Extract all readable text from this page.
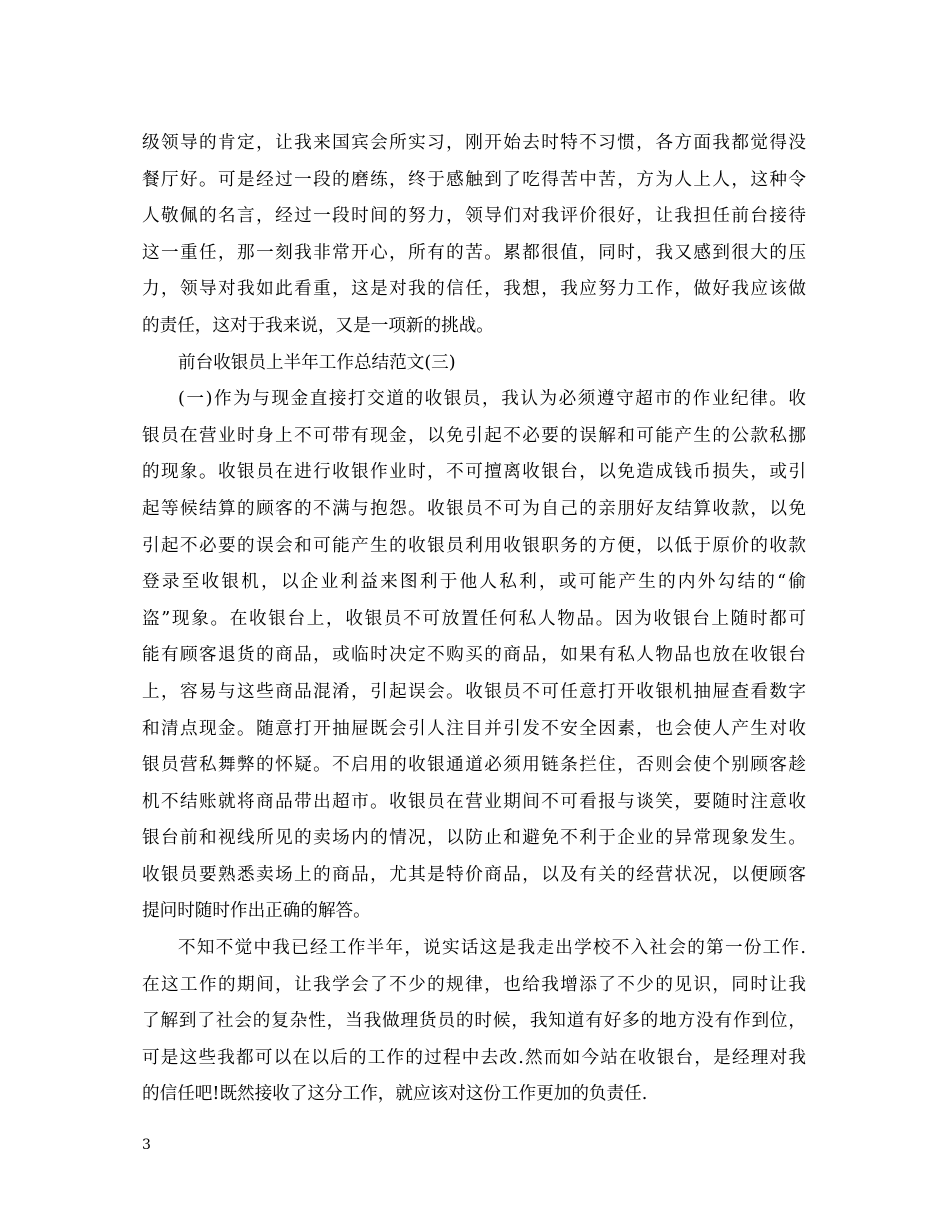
级领导的肯定，让我来国宾会所实习，刚开始去时特不习惯，各方面我都觉得没
餐厅好。可是经过一段的磨练，终于感触到了吃得苦中苦，方为人上人，这种令
人敬佩的名言，经过一段时间的努力，领导们对我评价很好，让我担任前台接待
这一重任，那一刻我非常开心，所有的苦。累都很值，同时，我又感到很大的压
力，领导对我如此看重，这是对我的信任，我想，我应努力工作，做好我应该做
的责任，这对于我来说，又是一项新的挑战。
前台收银员上半年工作总结范文(三)
(一)作为与现金直接打交道的收银员，我认为必须遵守超市的作业纪律。收
银员在营业时身上不可带有现金，以免引起不必要的误解和可能产生的公款私挪
的现象。收银员在进行收银作业时，不可擅离收银台，以免造成钱币损失，或引
起等候结算的顾客的不满与抱怨。收银员不可为自己的亲朋好友结算收款，以免
引起不必要的误会和可能产生的收银员利用收银职务的方便，以低于原价的收款
登录至收银机，以企业利益来图利于他人私利，或可能产生的内外勾结的“偷
盗”现象。在收银台上，收银员不可放置任何私人物品。因为收银台上随时都可
能有顾客退货的商品，或临时决定不购买的商品，如果有私人物品也放在收银台
上，容易与这些商品混淆，引起误会。收银员不可任意打开收银机抽屉查看数字
和清点现金。随意打开抽屉既会引人注目并引发不安全因素，也会使人产生对收
银员营私舞弊的怀疑。不启用的收银通道必须用链条拦住，否则会使个别顾客趁
机不结账就将商品带出超市。收银员在营业期间不可看报与谈笑，要随时注意收
银台前和视线所见的卖场内的情况，以防止和避免不利于企业的异常现象发生。
收银员要熟悉卖场上的商品，尤其是特价商品，以及有关的经营状况，以便顾客
提问时随时作出正确的解答。
不知不觉中我已经工作半年，说实话这是我走出学校不入社会的第一份工作.
在这工作的期间，让我学会了不少的规律，也给我增添了不少的见识，同时让我
了解到了社会的复杂性，当我做理货员的时候，我知道有好多的地方没有作到位，
可是这些我都可以在以后的工作的过程中去改.然而如今站在收银台，是经理对我
的信任吧!既然接收了这分工作，就应该对这份工作更加的负责任.
3
